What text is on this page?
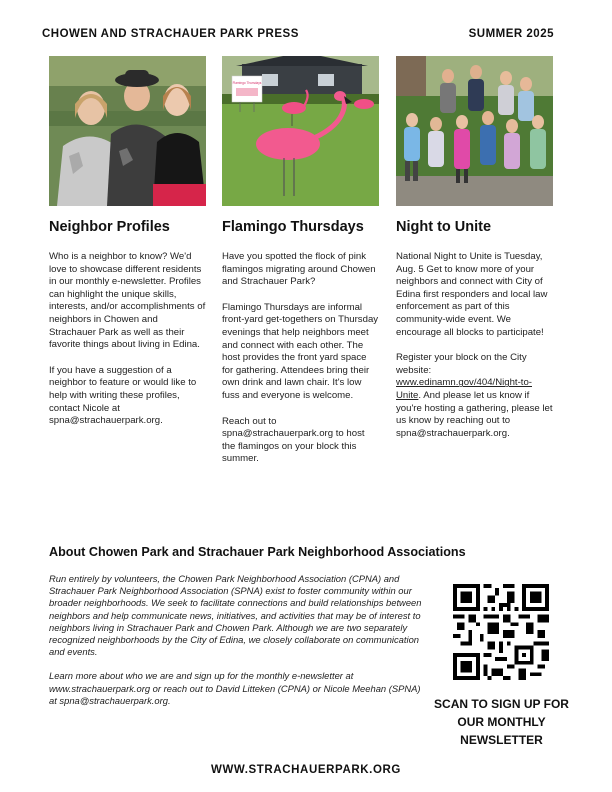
CHOWEN AND STRACHAUER PARK PRESS	SUMMER 2025
Neighbor Profiles

Who is a neighbor to know? We'd love to showcase different residents in our monthly e-newsletter. Profiles can highlight the unique skills, interests, and/or accomplishments of neighbors in Chowen and Strachauer Park as well as their favorite things about living in Edina.

If you have a suggestion of a neighbor to feature or would like to help with writing these profiles, contact Nicole at spna@strachauerpark.org.

Flamingo Thursdays
Flamingo Thursdays

Have you spotted the flock of pink flamingos migrating around Chowen and Strachauer Park?

Flamingo Thursdays are informal front-yard get-togethers on Thursday evenings that help neighbors meet and connect with each other. The host provides the front yard space for gathering. Attendees bring their own drink and lawn chair. It's low fuss and everyone is welcome.

Reach out to spna@strachauerpark.org to host the flamingos on your block this summer.

Night to Unite

National Night to Unite is Tuesday, Aug. 5 Get to know more of your neighbors and connect with City of Edina first responders and local law enforcement as part of this community-wide event. We encourage all blocks to participate!

Register your block on the City website: www.edinamn.gov/404/Night-to-Unite. And please let us know if you're hosting a gathering, please let us know by reaching out to spna@strachauerpark.org.

About Chowen Park and Strachauer Park Neighborhood Associations

Run entirely by volunteers, the Chowen Park Neighborhood Association (CPNA) and Strachauer Park Neighborhood Association (SPNA) exist to foster community within our broader neighborhoods. We seek to facilitate connections and build relationships between neighbors and help communicate news, initiatives, and activities that may be of interest to neighbors living in Strachauer Park and Chowen Park. Although we are two separately recognized neighborhoods by the City of Edina, we closely collaborate on communication and events.

Learn more about who we are and sign up for the monthly e-newsletter at www.strachauerpark.org or reach out to David Litteken (CPNA) or Nicole Meehan (SPNA) at spna@strachauerpark.org.	SCAN TO SIGN UP FOR OUR MONTHLY NEWSLETTER
WWW.STRACHAUERPARK.ORG
